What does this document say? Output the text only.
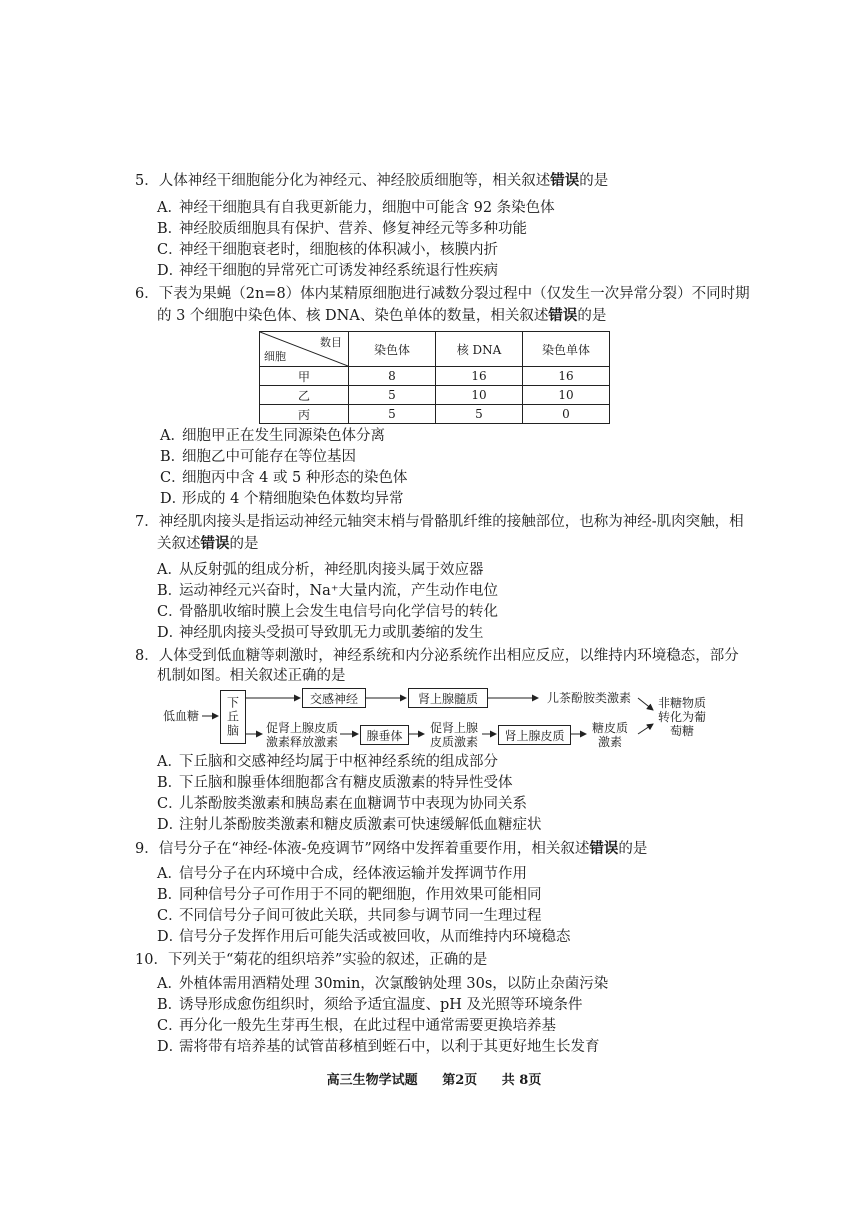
5．人体神经干细胞能分化为神经元、神经胶质细胞等，相关叙述错误的是
A．神经干细胞具有自我更新能力，细胞中可能含 92 条染色体
B．神经胶质细胞具有保护、营养、修复神经元等多种功能
C．神经干细胞衰老时，细胞核的体积减小，核膜内折
D．神经干细胞的异常死亡可诱发神经系统退行性疾病
6．下表为果蝇（2n=8）体内某精原细胞进行减数分裂过程中（仅发生一次异常分裂）不同时期
的 3 个细胞中染色体、核 DNA、染色单体的数量，相关叙述错误的是
数目
细胞	染色体	核 DNA	染色单体
甲	8	16	16
乙	5	10	10
丙	5	5	0
A．细胞甲正在发生同源染色体分离
B．细胞乙中可能存在等位基因
C．细胞丙中含 4 或 5 种形态的染色体
D．形成的 4 个精细胞染色体数均异常
7．神经肌肉接头是指运动神经元轴突末梢与骨骼肌纤维的接触部位，也称为神经-肌肉突触，相
关叙述错误的是
A．从反射弧的组成分析，神经肌肉接头属于效应器
B．运动神经元兴奋时，Na⁺大量内流，产生动作电位
C．骨骼肌收缩时膜上会发生电信号向化学信号的转化
D．神经肌肉接头受损可导致肌无力或肌萎缩的发生
8．人体受到低血糖等刺激时，神经系统和内分泌系统作出相应反应，以维持内环境稳态，部分
机制如图。相关叙述正确的是
低血糖	下丘脑	交感神经	肾上腺髓质	儿茶酚胺类激素
促肾上腺皮质激素释放激素	腺垂体
促肾上腺皮质激素	肾上腺皮质
糖皮质激素
非糖物质转化为葡萄糖
A．下丘脑和交感神经均属于中枢神经系统的组成部分
B．下丘脑和腺垂体细胞都含有糖皮质激素的特异性受体
C．儿茶酚胺类激素和胰岛素在血糖调节中表现为协同关系
D．注射儿茶酚胺类激素和糖皮质激素可快速缓解低血糖症状
9．信号分子在“神经-体液-免疫调节”网络中发挥着重要作用，相关叙述错误的是
A．信号分子在内环境中合成，经体液运输并发挥调节作用
B．同种信号分子可作用于不同的靶细胞，作用效果可能相同
C．不同信号分子间可彼此关联，共同参与调节同一生理过程
D．信号分子发挥作用后可能失活或被回收，从而维持内环境稳态
10．下列关于“菊花的组织培养”实验的叙述，正确的是
A．外植体需用酒精处理 30min，次氯酸钠处理 30s，以防止杂菌污染
B．诱导形成愈伤组织时，须给予适宜温度、pH 及光照等环境条件
C．再分化一般先生芽再生根，在此过程中通常需要更换培养基
D．需将带有培养基的试管苗移植到蛭石中，以利于其更好地生长发育
高三生物学试题 第2页 共 8页
